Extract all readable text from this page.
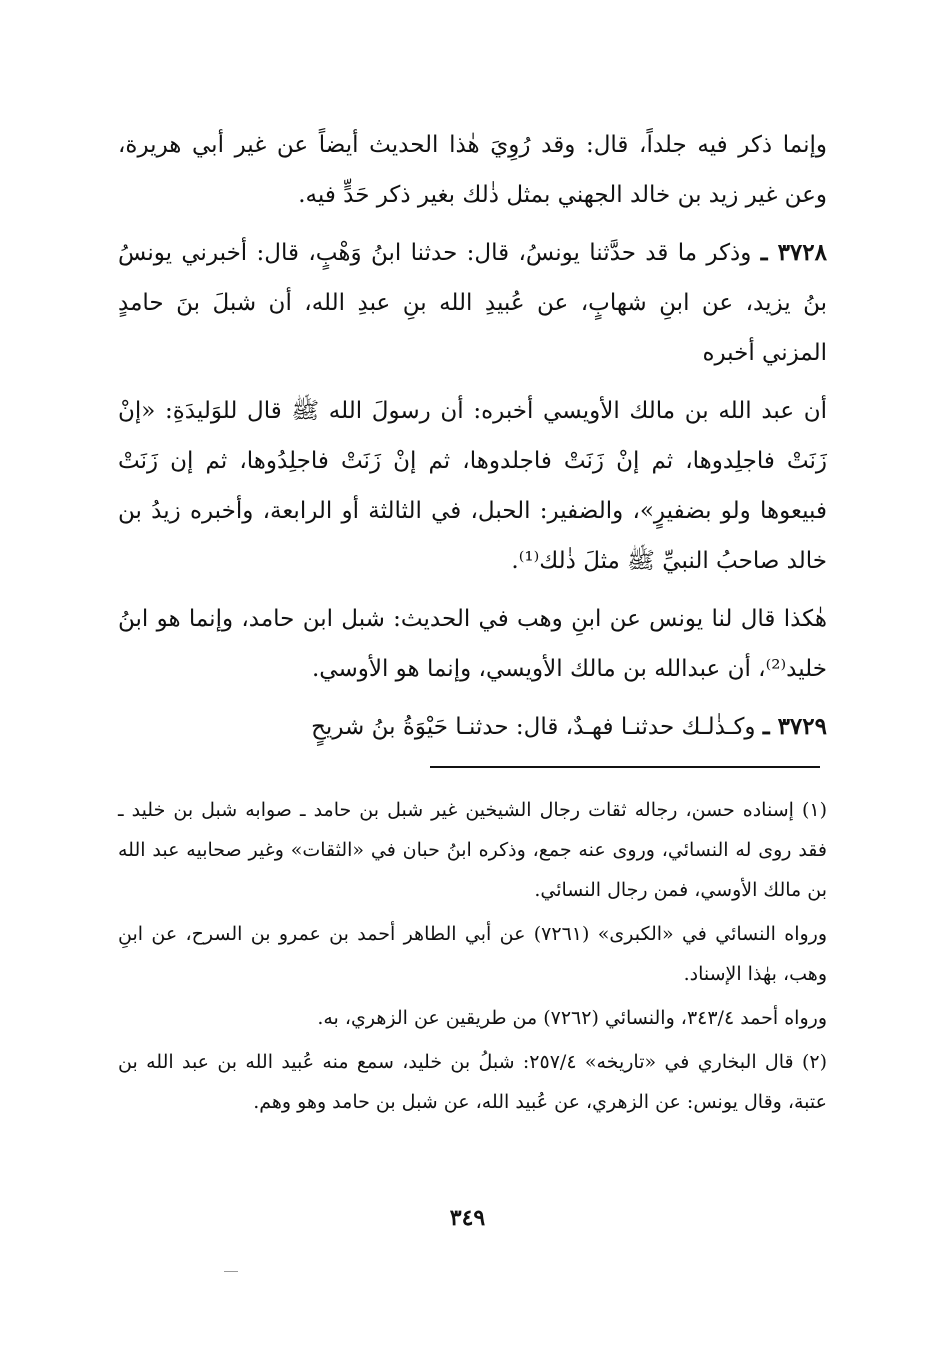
وإنما ذكر فيه جلداً، قال: وقد رُوِيَ هٰذا الحديث أيضاً عن غير أبي هريرة، وعن غير زيد بن خالد الجهني بمثل ذٰلك بغير ذكر حَدٍّ فيه.

٣٧٢٨ ـ وذكر ما قد حدَّثنا يونسُ، قال: حدثنا ابنُ وَهْبٍ، قال: أخبرني يونسُ بنُ يزيد، عن ابنِ شهابٍ، عن عُبيدِ الله بنِ عبدِ الله، أن شبلَ بنَ حامدٍ المزني أخبره

أن عبد الله بن مالك الأويسي أخبره: أن رسولَ الله ﷺ قال للوَليدَةِ: «إنْ زَنَتْ فاجلِدوها، ثم إنْ زَنَتْ فاجلدوها، ثم إنْ زَنَتْ فاجلِدُوها، ثم إن زَنَتْ فبيعوها ولو بضفيرٍ»، والضفير: الحبل، في الثالثة أو الرابعة، وأخبره زيدُ بن خالد صاحبُ النبيِّ ﷺ مثلَ ذٰلك⁽¹⁾.

هٰكذا قال لنا يونس عن ابنِ وهب في الحديث: شبل ابن حامد، وإنما هو ابنُ خليد⁽²⁾، أن عبدالله بن مالك الأويسي، وإنما هو الأوسي.

٣٧٢٩ ـ وكـذٰلـك حدثنـا فهـدٌ، قال: حدثنـا حَيْوَةُ بنُ شريحٍ

(١) إسناده حسن، رجاله ثقات رجال الشيخين غير شبل بن حامد ـ صوابه شبل بن خليد ـ فقد روى له النسائي، وروى عنه جمع، وذكره ابنُ حبان في «الثقات» وغير صحابيه عبد الله بن مالك الأوسي، فمن رجال النسائي.

ورواه النسائي في «الكبرى» (٧٢٦١) عن أبي الطاهر أحمد بن عمرو بن السرح، عن ابنِ وهب، بهٰذا الإسناد.

ورواه أحمد ٣٤٣/٤، والنسائي (٧٢٦٢) من طريقين عن الزهري، به.

(٢) قال البخاري في «تاريخه» ٢٥٧/٤: شبلُ بن خليد، سمع منه عُبيد الله بن عبد الله بن عتبة، وقال يونس: عن الزهري، عن عُبيد الله، عن شبل بن حامد وهو وهم.

٣٤٩
